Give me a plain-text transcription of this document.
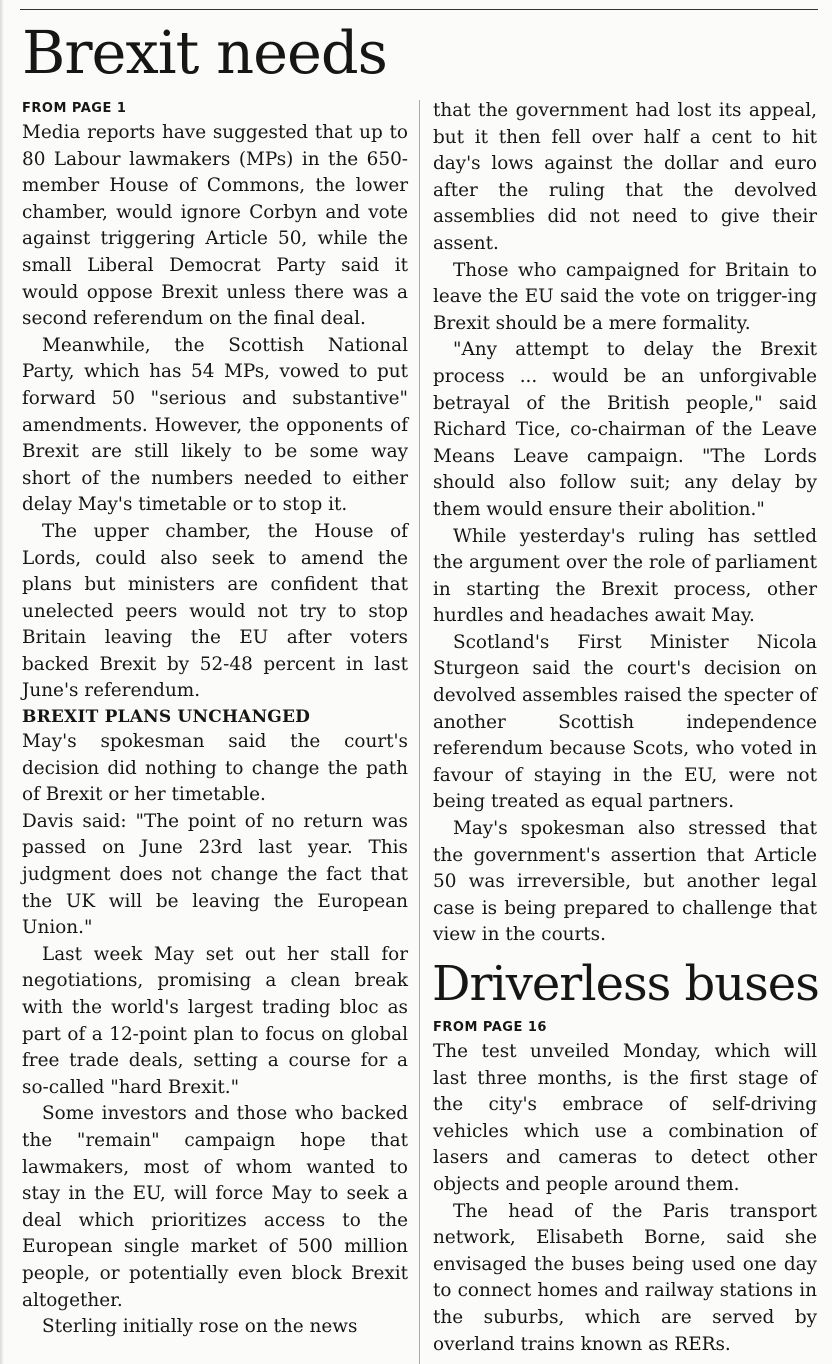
Brexit needs
FROM PAGE 1

Media reports have suggested that up to 80 Labour lawmakers (MPs) in the 650-member House of Commons, the lower chamber, would ignore Corbyn and vote against triggering Article 50, while the small Liberal Democrat Party said it would oppose Brexit unless there was a second referendum on the final deal.

Meanwhile, the Scottish National Party, which has 54 MPs, vowed to put forward 50 "serious and substantive" amendments. However, the opponents of Brexit are still likely to be some way short of the numbers needed to either delay May's timetable or to stop it.

The upper chamber, the House of Lords, could also seek to amend the plans but ministers are confident that unelected peers would not try to stop Britain leaving the EU after voters backed Brexit by 52-48 percent in last June's referendum.

BREXIT PLANS UNCHANGED

May's spokesman said the court's decision did nothing to change the path of Brexit or her timetable.

Davis said: "The point of no return was passed on June 23rd last year. This judgment does not change the fact that the UK will be leaving the European Union."

Last week May set out her stall for negotiations, promising a clean break with the world's largest trading bloc as part of a 12-point plan to focus on global free trade deals, setting a course for a so-called "hard Brexit."

Some investors and those who backed the "remain" campaign hope that lawmakers, most of whom wanted to stay in the EU, will force May to seek a deal which prioritizes access to the European single market of 500 million people, or potentially even block Brexit altogether.

Sterling initially rose on the news

that the government had lost its appeal, but it then fell over half a cent to hit day's lows against the dollar and euro after the ruling that the devolved assemblies did not need to give their assent.

Those who campaigned for Britain to leave the EU said the vote on trigger-ing Brexit should be a mere formality.

"Any attempt to delay the Brexit process ... would be an unforgivable betrayal of the British people," said Richard Tice, co-chairman of the Leave Means Leave campaign. "The Lords should also follow suit; any delay by them would ensure their abolition."

While yesterday's ruling has settled the argument over the role of parliament in starting the Brexit process, other hurdles and headaches await May.

Scotland's First Minister Nicola Sturgeon said the court's decision on devolved assembles raised the specter of another Scottish independence referendum because Scots, who voted in favour of staying in the EU, were not being treated as equal partners.

May's spokesman also stressed that the government's assertion that Article 50 was irreversible, but another legal case is being prepared to challenge that view in the courts.

Driverless buses
FROM PAGE 16

The test unveiled Monday, which will last three months, is the first stage of the city's embrace of self-driving vehicles which use a combination of lasers and cameras to detect other objects and people around them.

The head of the Paris transport network, Elisabeth Borne, said she envisaged the buses being used one day to connect homes and railway stations in the suburbs, which are served by overland trains known as RERs.
